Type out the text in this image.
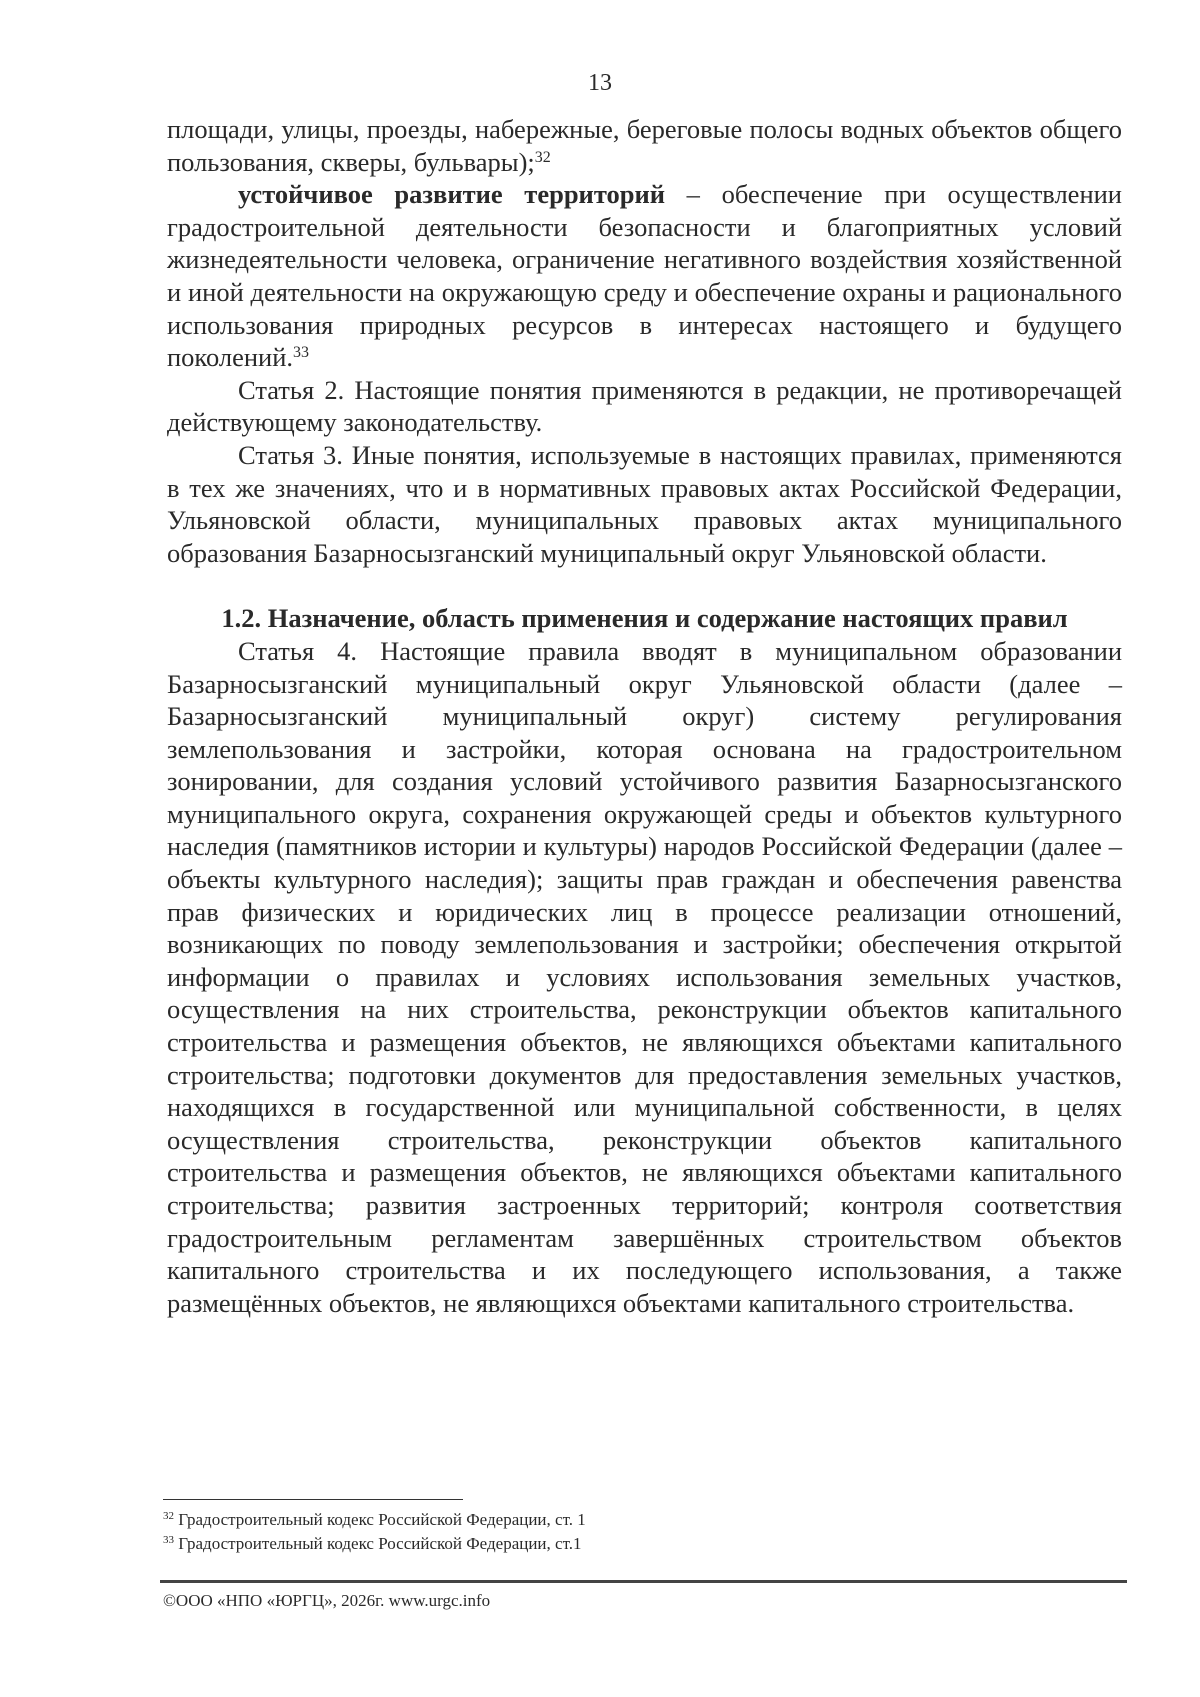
13

площади, улицы, проезды, набережные, береговые полосы водных объектов общего пользования, скверы, бульвары);$^{32}$

устойчивое развитие территорий – обеспечение при осуществлении градостроительной деятельности безопасности и благоприятных условий жизнедеятельности человека, ограничение негативного воздействия хозяйственной и иной деятельности на окружающую среду и обеспечение охраны и рационального использования природных ресурсов в интересах настоящего и будущего поколений.$^{33}$

Статья 2. Настоящие понятия применяются в редакции, не противоречащей действующему законодательству.

Статья 3. Иные понятия, используемые в настоящих правилах, применяются в тех же значениях, что и в нормативных правовых актах Российской Федерации, Ульяновской области, муниципальных правовых актах муниципального образования Базарносызганский муниципальный округ Ульяновской области.

1.2. Назначение, область применения и содержание настоящих правил

Статья 4. Настоящие правила вводят в муниципальном образовании Базарносызганский муниципальный округ Ульяновской области (далее – Базарносызганский муниципальный округ) систему регулирования землепользования и застройки, которая основана на градостроительном зонировании, для создания условий устойчивого развития Базарносызганского муниципального округа, сохранения окружающей среды и объектов культурного наследия (памятников истории и культуры) народов Российской Федерации (далее – объекты культурного наследия); защиты прав граждан и обеспечения равенства прав физических и юридических лиц в процессе реализации отношений, возникающих по поводу землепользования и застройки; обеспечения открытой информации о правилах и условиях использования земельных участков, осуществления на них строительства, реконструкции объектов капитального строительства и размещения объектов, не являющихся объектами капитального строительства; подготовки документов для предоставления земельных участков, находящихся в государственной или муниципальной собственности, в целях осуществления строительства, реконструкции объектов капитального строительства и размещения объектов, не являющихся объектами капитального строительства; развития застроенных территорий; контроля соответствия градостроительным регламентам завершённых строительством объектов капитального строительства и их последующего использования, а также размещённых объектов, не являющихся объектами капитального строительства.

$^{32}$ Градостроительный кодекс Российской Федерации, ст. 1
$^{33}$ Градостроительный кодекс Российской Федерации, ст.1
©ООО «НПО «ЮРГЦ», 2026г. www.urgc.info
